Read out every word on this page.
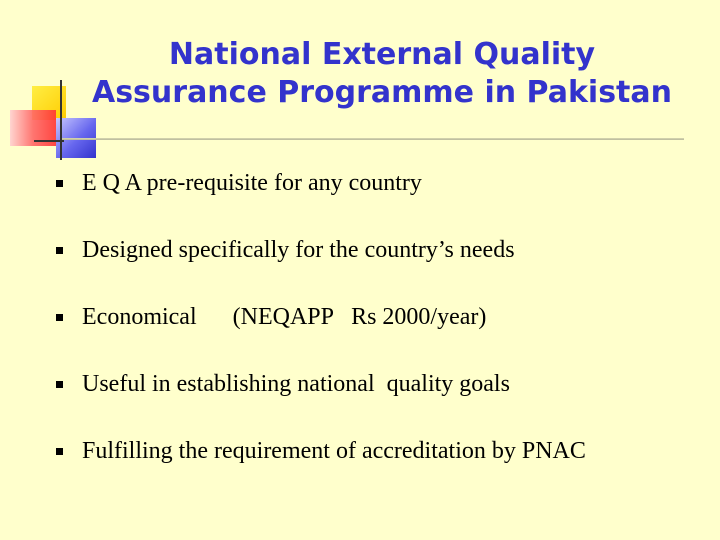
National External Quality
Assurance Programme in Pakistan
E Q A pre-requisite for any country
Designed specifically for the country’s needs
Economical      (NEQAPP   Rs 2000/year)
Useful in establishing national  quality goals
Fulfilling the requirement of accreditation by PNAC
